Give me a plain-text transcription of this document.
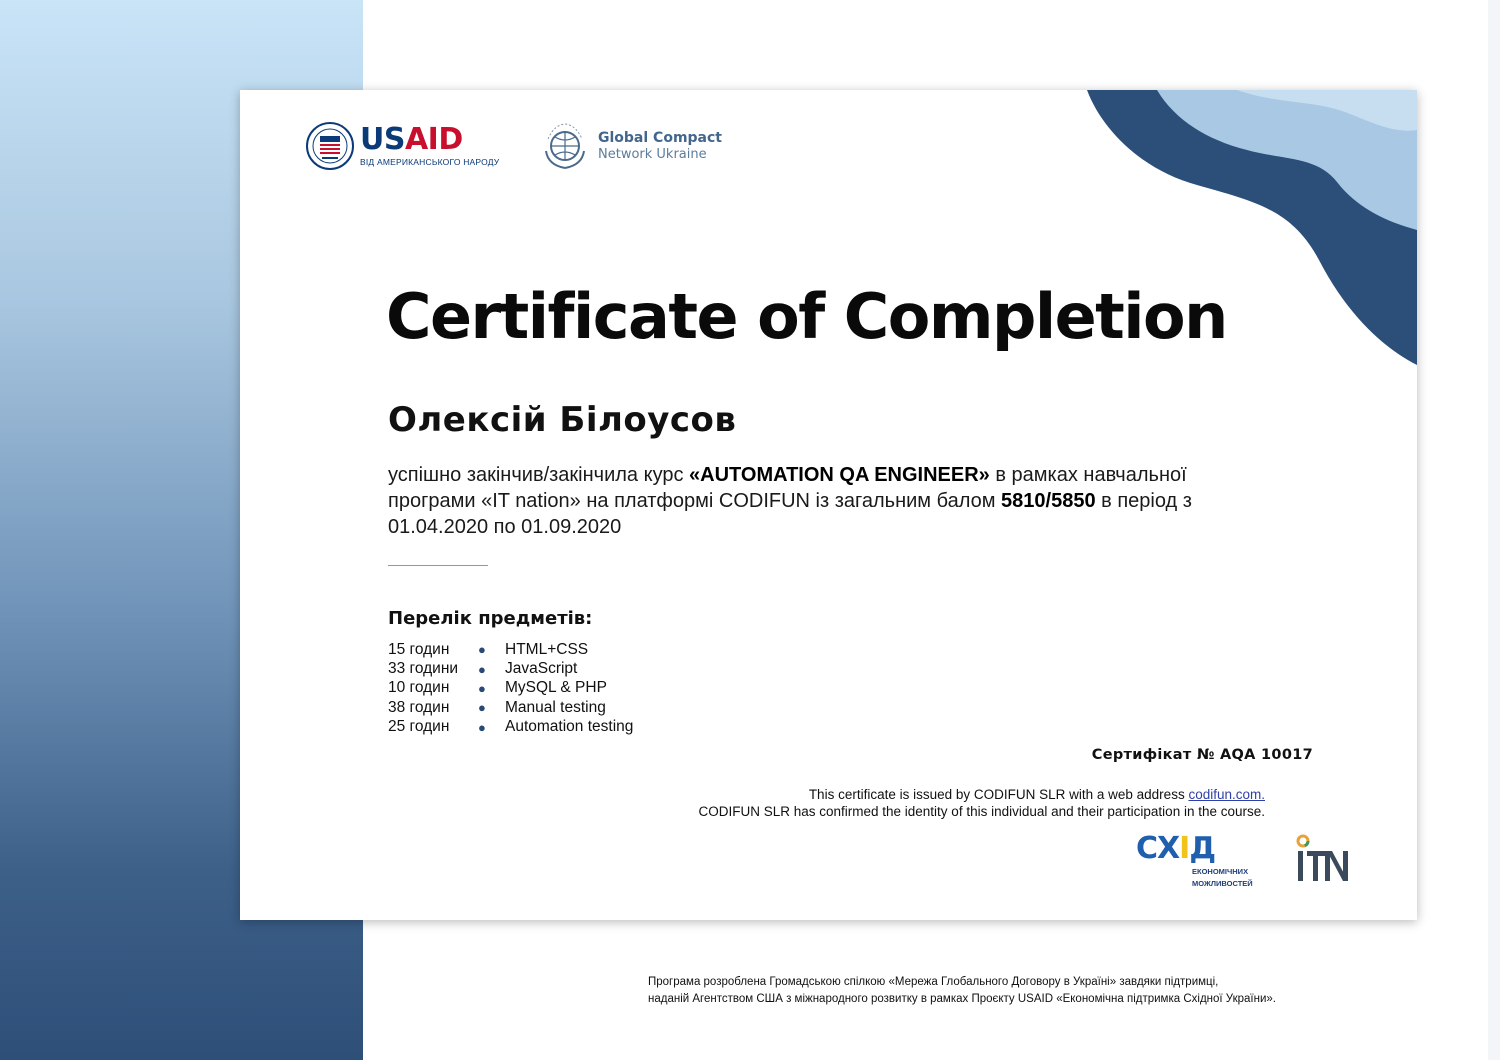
USAID
ВІД АМЕРИКАНСЬКОГО НАРОДУ
Global Compact
Network Ukraine
Certificate of Completion
Олексій Білоусов
успішно закінчив/закінчила курс «AUTOMATION QA ENGINEER» в рамках навчальної програми «IT nation» на платформі CODIFUN із загальним балом 5810/5850 в період з 01.04.2020 по 01.09.2020
Перелік предметів:
15 годин	●	HTML+CSS
33 години	●	JavaScript
10 годин	●	MySQL & PHP
38 годин	●	Manual testing
25 годин	●	Automation testing
Сертифікат № AQA 10017
This certificate is issued by CODIFUN SLR with a web address codifun.com.
CODIFUN SLR has confirmed the identity of this individual and their participation in the course.
СХІД
ЕКОНОМІЧНИХ
МОЖЛИВОСТЕЙ	ITN
Програма розроблена Громадською спілкою «Мережа Глобального Договору в Україні» завдяки підтримці,
наданій Агентством США з міжнародного розвитку в рамках Проєкту USAID «Економічна підтримка Східної України».
